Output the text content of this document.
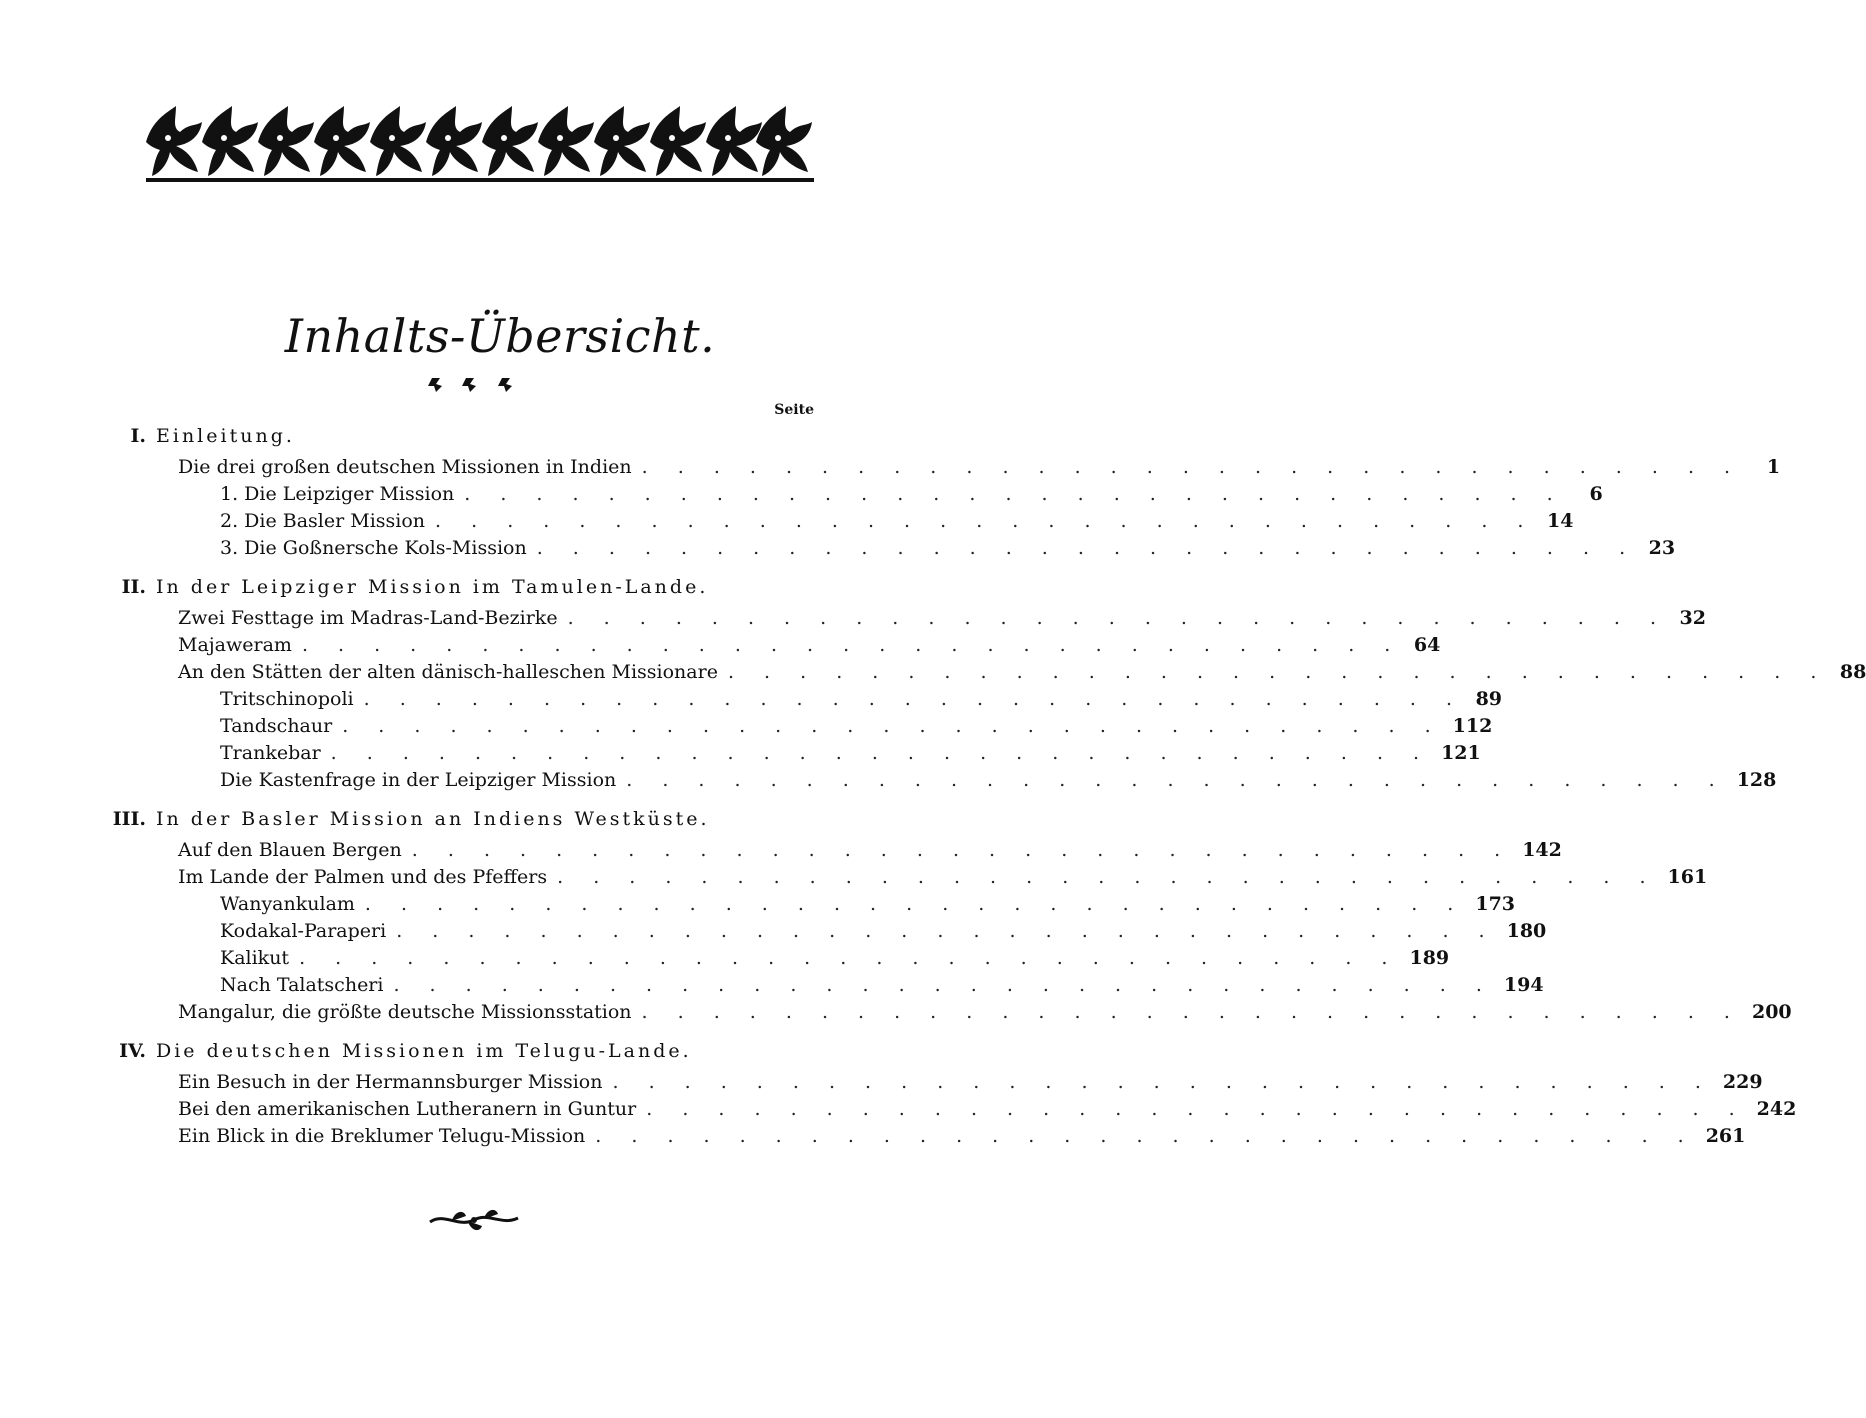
Inhalts-Übersicht.
Seite
I. Einleitung.
Die drei großen deutschen Missionen in Indien . . . . . . . . . . . . . . . . . . . . . . . . . . . . . . .	1
1. Die Leipziger Mission . . . . . . . . . . . . . . . . . . . . . . . . . . . . . . .	6
2. Die Basler Mission . . . . . . . . . . . . . . . . . . . . . . . . . . . . . . . 14
3. Die Goßnersche Kols-Mission . . . . . . . . . . . . . . . . . . . . . . . . . . . . . . . 23
II. In der Leipziger Mission im Tamulen-Lande.
Zwei Festtage im Madras-Land-Bezirke . . . . . . . . . . . . . . . . . . . . . . . . . . . . . . . 32
Majaweram . . . . . . . . . . . . . . . . . . . . . . . . . . . . . . . 64
An den Stätten der alten dänisch-halleschen Missionare . . . . . . . . . . . . . . . . . . . . . . . . . . . . . . . 88
Tritschinopoli . . . . . . . . . . . . . . . . . . . . . . . . . . . . . . . 89
Tandschaur . . . . . . . . . . . . . . . . . . . . . . . . . . . . . . . 112
Trankebar . . . . . . . . . . . . . . . . . . . . . . . . . . . . . . . 121
Die Kastenfrage in der Leipziger Mission . . . . . . . . . . . . . . . . . . . . . . . . . . . . . . . 128
III. In der Basler Mission an Indiens Westküste.
Auf den Blauen Bergen . . . . . . . . . . . . . . . . . . . . . . . . . . . . . . . 142
Im Lande der Palmen und des Pfeffers . . . . . . . . . . . . . . . . . . . . . . . . . . . . . . . 161
Wanyankulam . . . . . . . . . . . . . . . . . . . . . . . . . . . . . . . 173
Kodakal-Paraperi . . . . . . . . . . . . . . . . . . . . . . . . . . . . . . . 180
Kalikut . . . . . . . . . . . . . . . . . . . . . . . . . . . . . . . 189
Nach Talatscheri . . . . . . . . . . . . . . . . . . . . . . . . . . . . . . . 194
Mangalur, die größte deutsche Missionsstation . . . . . . . . . . . . . . . . . . . . . . . . . . . . . . . 200
IV. Die deutschen Missionen im Telugu-Lande.
Ein Besuch in der Hermannsburger Mission . . . . . . . . . . . . . . . . . . . . . . . . . . . . . . . 229
Bei den amerikanischen Lutheranern in Guntur . . . . . . . . . . . . . . . . . . . . . . . . . . . . . . . 242
Ein Blick in die Breklumer Telugu-Mission . . . . . . . . . . . . . . . . . . . . . . . . . . . . . . . 261
